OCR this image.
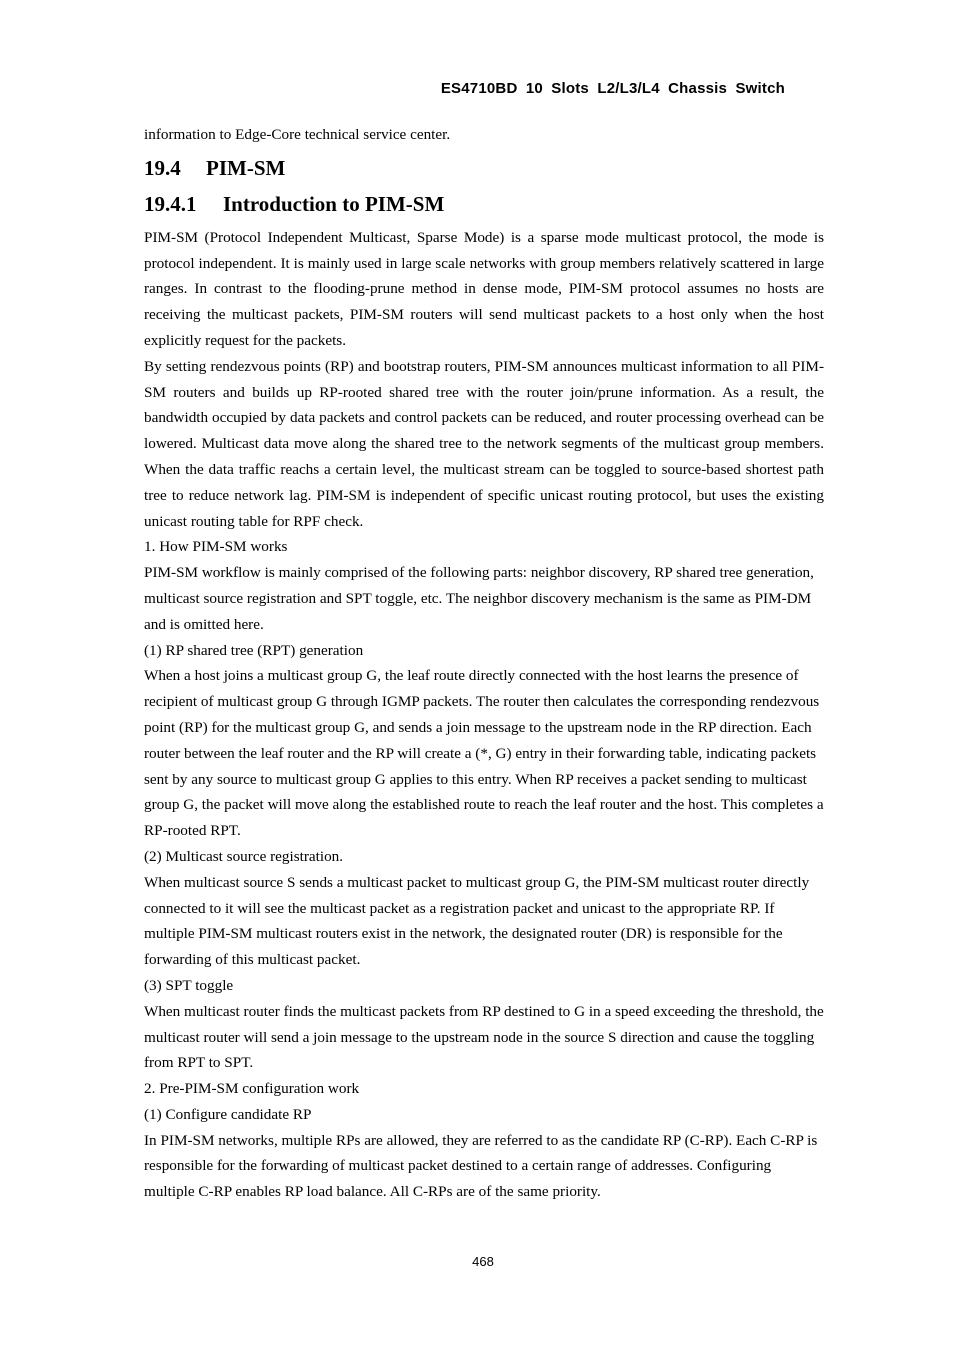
ES4710BD 10 Slots L2/L3/L4 Chassis Switch

information to Edge-Core technical service center.

19.4 PIM-SM
19.4.1 Introduction to PIM-SM

PIM-SM (Protocol Independent Multicast, Sparse Mode) is a sparse mode multicast protocol, the mode is protocol independent. It is mainly used in large scale networks with group members relatively scattered in large ranges. In contrast to the flooding-prune method in dense mode, PIM-SM protocol assumes no hosts are receiving the multicast packets, PIM-SM routers will send multicast packets to a host only when the host explicitly request for the packets.

By setting rendezvous points (RP) and bootstrap routers, PIM-SM announces multicast information to all PIM-SM routers and builds up RP-rooted shared tree with the router join/prune information. As a result, the bandwidth occupied by data packets and control packets can be reduced, and router processing overhead can be lowered. Multicast data move along the shared tree to the network segments of the multicast group members. When the data traffic reachs a certain level, the multicast stream can be toggled to source-based shortest path tree to reduce network lag. PIM-SM is independent of specific unicast routing protocol, but uses the existing unicast routing table for RPF check.

1. How PIM-SM works

PIM-SM workflow is mainly comprised of the following parts: neighbor discovery, RP shared tree generation, multicast source registration and SPT toggle, etc. The neighbor discovery mechanism is the same as PIM-DM and is omitted here.

(1) RP shared tree (RPT) generation

When a host joins a multicast group G, the leaf route directly connected with the host learns the presence of recipient of multicast group G through IGMP packets. The router then calculates the corresponding rendezvous point (RP) for the multicast group G, and sends a join message to the upstream node in the RP direction. Each router between the leaf router and the RP will create a (*, G) entry in their forwarding table, indicating packets sent by any source to multicast group G applies to this entry. When RP receives a packet sending to multicast group G, the packet will move along the established route to reach the leaf router and the host. This completes a RP-rooted RPT.

(2) Multicast source registration.

When multicast source S sends a multicast packet to multicast group G, the PIM-SM multicast router directly connected to it will see the multicast packet as a registration packet and unicast to the appropriate RP. If multiple PIM-SM multicast routers exist in the network, the designated router (DR) is responsible for the forwarding of this multicast packet.

(3) SPT toggle

When multicast router finds the multicast packets from RP destined to G in a speed exceeding the threshold, the multicast router will send a join message to the upstream node in the source S direction and cause the toggling from RPT to SPT.

2. Pre-PIM-SM configuration work

(1) Configure candidate RP

In PIM-SM networks, multiple RPs are allowed, they are referred to as the candidate RP (C-RP). Each C-RP is responsible for the forwarding of multicast packet destined to a certain range of addresses. Configuring multiple C-RP enables RP load balance. All C-RPs are of the same priority.

468
